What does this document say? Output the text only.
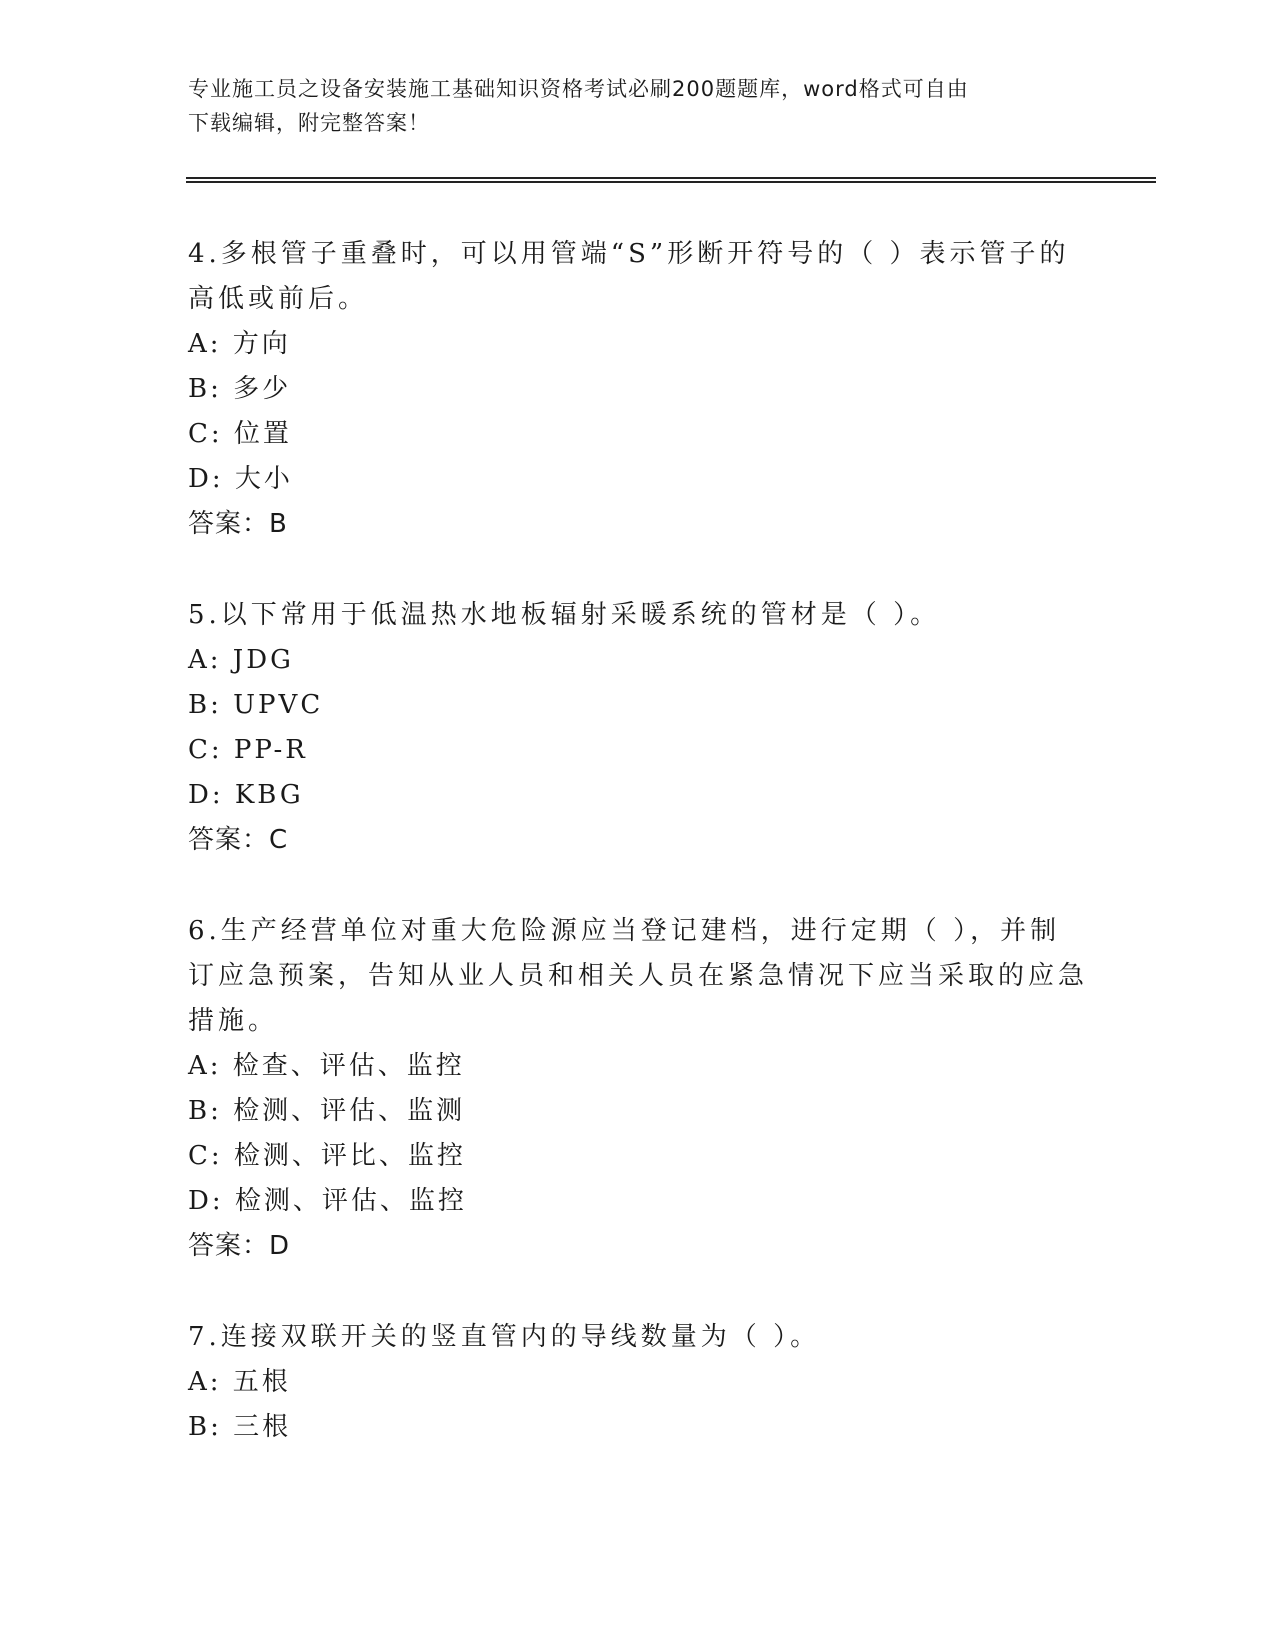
专业施工员之设备安装施工基础知识资格考试必刷200题题库，word格式可自由
下载编辑，附完整答案！

4.多根管子重叠时，可以用管端“S”形断开符号的（ ）表示管子的高低或前后。

A: 方向

B: 多少

C: 位置

D: 大小

答案：B

5.以下常用于低温热水地板辐射采暖系统的管材是（ ）。

A: JDG

B: UPVC

C: PP-R

D: KBG

答案：C

6.生产经营单位对重大危险源应当登记建档，进行定期（ ），并制订应急预案，告知从业人员和相关人员在紧急情况下应当采取的应急措施。

A: 检查、评估、监控

B: 检测、评估、监测

C: 检测、评比、监控

D: 检测、评估、监控

答案：D

7.连接双联开关的竖直管内的导线数量为（ ）。

A: 五根

B: 三根
